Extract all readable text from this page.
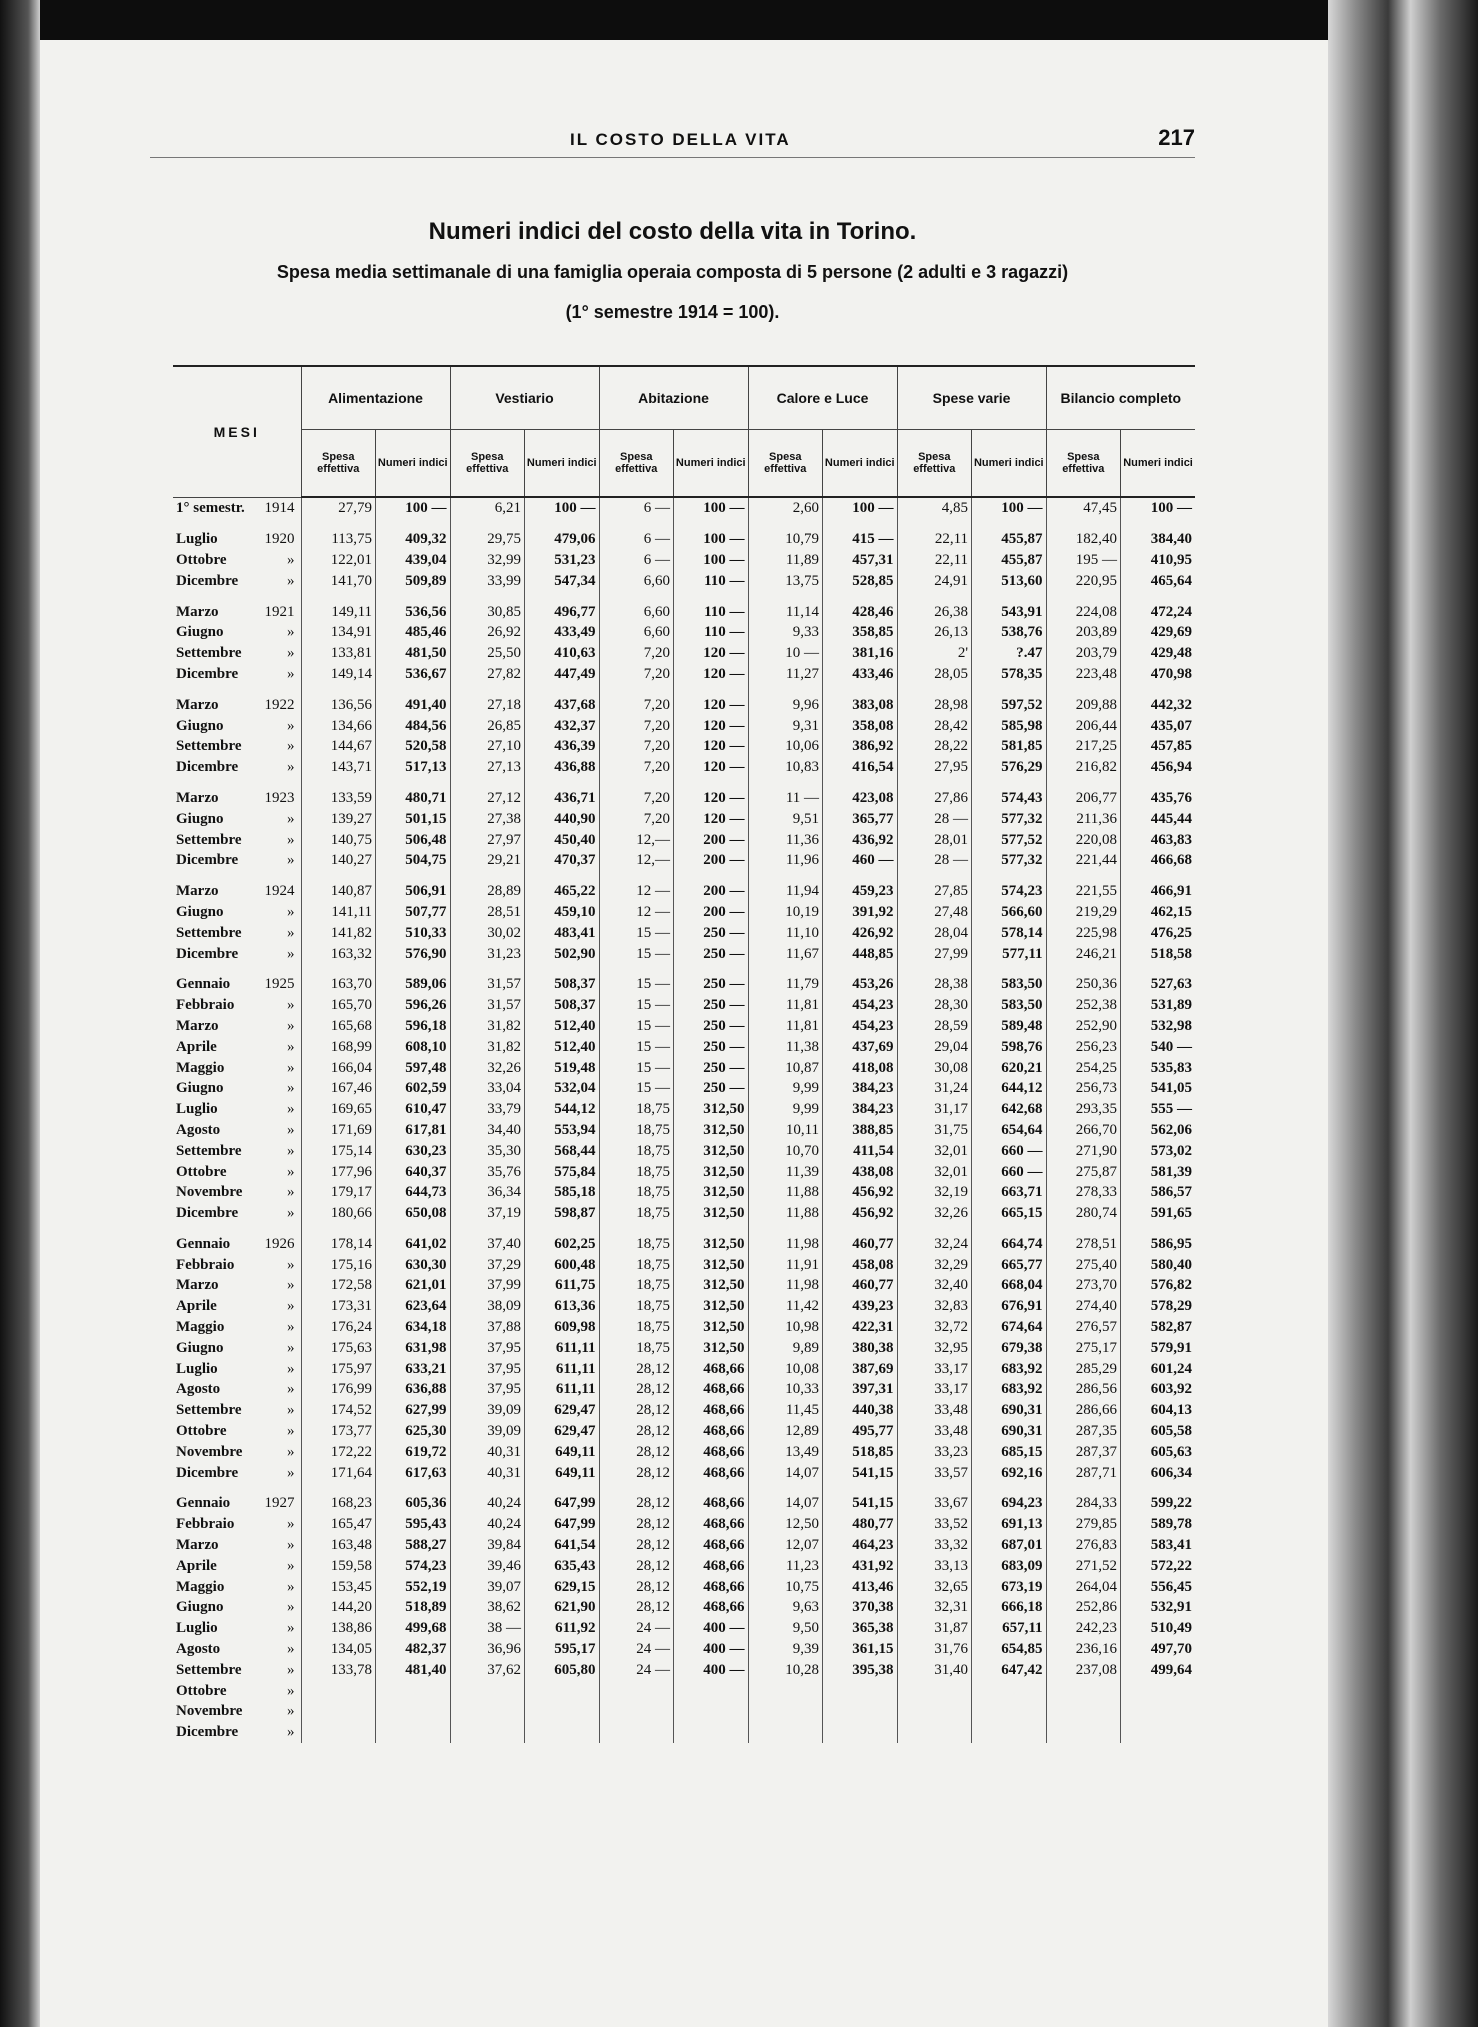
IL COSTO DELLA VITA	217
Numeri indici del costo della vita in Torino.
Spesa media settimanale di una famiglia operaia composta di 5 persone (2 adulti e 3 ragazzi)
(1° semestre 1914 = 100).
MESI		Alimentazione		Vestiario		Abitazione		Calore e Luce		Spese varie		Bilancio completo	
		Spesa effettiva	Numeri indici	Spesa effettiva	Numeri indici	Spesa effettiva	Numeri indici	Spesa effettiva	Numeri indici	Spesa effettiva	Numeri indici	Spesa effettiva	Numeri indici
1° semestr.	1914	27,79	100 —	6,21	100 —	6 —	100 —	2,60	100 —	4,85	100 —	47,45	100 —

Luglio	1920	113,75	409,32	29,75	479,06	6 —	100 —	10,79	415 —	22,11	455,87	182,40	384,40
Ottobre	»	122,01	439,04	32,99	531,23	6 —	100 —	11,89	457,31	22,11	455,87	195 —	410,95
Dicembre	»	141,70	509,89	33,99	547,34	6,60	110 —	13,75	528,85	24,91	513,60	220,95	465,64

Marzo	1921	149,11	536,56	30,85	496,77	6,60	110 —	11,14	428,46	26,38	543,91	224,08	472,24
Giugno	»	134,91	485,46	26,92	433,49	6,60	110 —	9,33	358,85	26,13	538,76	203,89	429,69
Settembre	»	133,81	481,50	25,50	410,63	7,20	120 —	10 —	381,16	2'	?.47	203,79	429,48
Dicembre	»	149,14	536,67	27,82	447,49	7,20	120 —	11,27	433,46	28,05	578,35	223,48	470,98

Marzo	1922	136,56	491,40	27,18	437,68	7,20	120 —	9,96	383,08	28,98	597,52	209,88	442,32
Giugno	»	134,66	484,56	26,85	432,37	7,20	120 —	9,31	358,08	28,42	585,98	206,44	435,07
Settembre	»	144,67	520,58	27,10	436,39	7,20	120 —	10,06	386,92	28,22	581,85	217,25	457,85
Dicembre	»	143,71	517,13	27,13	436,88	7,20	120 —	10,83	416,54	27,95	576,29	216,82	456,94

Marzo	1923	133,59	480,71	27,12	436,71	7,20	120 —	11 —	423,08	27,86	574,43	206,77	435,76
Giugno	»	139,27	501,15	27,38	440,90	7,20	120 —	9,51	365,77	28 —	577,32	211,36	445,44
Settembre	»	140,75	506,48	27,97	450,40	12,—	200 —	11,36	436,92	28,01	577,52	220,08	463,83
Dicembre	»	140,27	504,75	29,21	470,37	12,—	200 —	11,96	460 —	28 —	577,32	221,44	466,68

Marzo	1924	140,87	506,91	28,89	465,22	12 —	200 —	11,94	459,23	27,85	574,23	221,55	466,91
Giugno	»	141,11	507,77	28,51	459,10	12 —	200 —	10,19	391,92	27,48	566,60	219,29	462,15
Settembre	»	141,82	510,33	30,02	483,41	15 —	250 —	11,10	426,92	28,04	578,14	225,98	476,25
Dicembre	»	163,32	576,90	31,23	502,90	15 —	250 —	11,67	448,85	27,99	577,11	246,21	518,58

Gennaio	1925	163,70	589,06	31,57	508,37	15 —	250 —	11,79	453,26	28,38	583,50	250,36	527,63
Febbraio	»	165,70	596,26	31,57	508,37	15 —	250 —	11,81	454,23	28,30	583,50	252,38	531,89
Marzo	»	165,68	596,18	31,82	512,40	15 —	250 —	11,81	454,23	28,59	589,48	252,90	532,98
Aprile	»	168,99	608,10	31,82	512,40	15 —	250 —	11,38	437,69	29,04	598,76	256,23	540 —
Maggio	»	166,04	597,48	32,26	519,48	15 —	250 —	10,87	418,08	30,08	620,21	254,25	535,83
Giugno	»	167,46	602,59	33,04	532,04	15 —	250 —	9,99	384,23	31,24	644,12	256,73	541,05
Luglio	»	169,65	610,47	33,79	544,12	18,75	312,50	9,99	384,23	31,17	642,68	293,35	555 —
Agosto	»	171,69	617,81	34,40	553,94	18,75	312,50	10,11	388,85	31,75	654,64	266,70	562,06
Settembre	»	175,14	630,23	35,30	568,44	18,75	312,50	10,70	411,54	32,01	660 —	271,90	573,02
Ottobre	»	177,96	640,37	35,76	575,84	18,75	312,50	11,39	438,08	32,01	660 —	275,87	581,39
Novembre	»	179,17	644,73	36,34	585,18	18,75	312,50	11,88	456,92	32,19	663,71	278,33	586,57
Dicembre	»	180,66	650,08	37,19	598,87	18,75	312,50	11,88	456,92	32,26	665,15	280,74	591,65

Gennaio	1926	178,14	641,02	37,40	602,25	18,75	312,50	11,98	460,77	32,24	664,74	278,51	586,95
Febbraio	»	175,16	630,30	37,29	600,48	18,75	312,50	11,91	458,08	32,29	665,77	275,40	580,40
Marzo	»	172,58	621,01	37,99	611,75	18,75	312,50	11,98	460,77	32,40	668,04	273,70	576,82
Aprile	»	173,31	623,64	38,09	613,36	18,75	312,50	11,42	439,23	32,83	676,91	274,40	578,29
Maggio	»	176,24	634,18	37,88	609,98	18,75	312,50	10,98	422,31	32,72	674,64	276,57	582,87
Giugno	»	175,63	631,98	37,95	611,11	18,75	312,50	9,89	380,38	32,95	679,38	275,17	579,91
Luglio	»	175,97	633,21	37,95	611,11	28,12	468,66	10,08	387,69	33,17	683,92	285,29	601,24
Agosto	»	176,99	636,88	37,95	611,11	28,12	468,66	10,33	397,31	33,17	683,92	286,56	603,92
Settembre	»	174,52	627,99	39,09	629,47	28,12	468,66	11,45	440,38	33,48	690,31	286,66	604,13
Ottobre	»	173,77	625,30	39,09	629,47	28,12	468,66	12,89	495,77	33,48	690,31	287,35	605,58
Novembre	»	172,22	619,72	40,31	649,11	28,12	468,66	13,49	518,85	33,23	685,15	287,37	605,63
Dicembre	»	171,64	617,63	40,31	649,11	28,12	468,66	14,07	541,15	33,57	692,16	287,71	606,34

Gennaio	1927	168,23	605,36	40,24	647,99	28,12	468,66	14,07	541,15	33,67	694,23	284,33	599,22
Febbraio	»	165,47	595,43	40,24	647,99	28,12	468,66	12,50	480,77	33,52	691,13	279,85	589,78
Marzo	»	163,48	588,27	39,84	641,54	28,12	468,66	12,07	464,23	33,32	687,01	276,83	583,41
Aprile	»	159,58	574,23	39,46	635,43	28,12	468,66	11,23	431,92	33,13	683,09	271,52	572,22
Maggio	»	153,45	552,19	39,07	629,15	28,12	468,66	10,75	413,46	32,65	673,19	264,04	556,45
Giugno	»	144,20	518,89	38,62	621,90	28,12	468,66	9,63	370,38	32,31	666,18	252,86	532,91
Luglio	»	138,86	499,68	38 —	611,92	24 —	400 —	9,50	365,38	31,87	657,11	242,23	510,49
Agosto	»	134,05	482,37	36,96	595,17	24 —	400 —	9,39	361,15	31,76	654,85	236,16	497,70
Settembre	»	133,78	481,40	37,62	605,80	24 —	400 —	10,28	395,38	31,40	647,42	237,08	499,64
Ottobre	»												
Novembre	»												
Dicembre	»												
